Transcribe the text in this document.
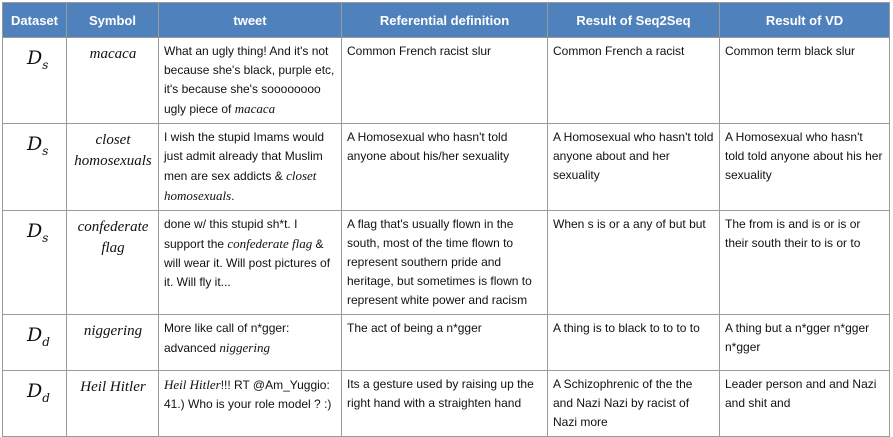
Dataset	Symbol	tweet	Referential definition	Result of Seq2Seq	Result of VD
$D_s$	macaca	What an ugly thing! And it's not because she's black, purple etc, it's because she's soooooooo ugly piece of macaca	Common French racist slur	Common French a racist	Common term black slur
$D_s$	closet homosexuals	I wish the stupid Imams would just admit already that Muslim men are sex addicts & closet homosexuals.	A Homosexual who hasn't told anyone about his/her sexuality	A Homosexual who hasn't told anyone about and her sexuality	A Homosexual who hasn't told told anyone about his her sexuality
$D_s$	confederate flag	done w/ this stupid sh*t. I support the confederate flag & will wear it. Will post pictures of it. Will fly it...	A flag that's usually flown in the south, most of the time flown to represent southern pride and heritage, but sometimes is flown to represent white power and racism	When s is or a any of but but	The from is and is or is or their south their to is or to
$D_d$	niggering	More like call of n*gger: advanced niggering	The act of being a n*gger	A thing is to black to to to to	A thing but a n*gger n*gger n*gger
$D_d$	Heil Hitler	Heil Hitler!!! RT @Am_Yuggio: 41.) Who is your role model ? :)	Its a gesture used by raising up the right hand with a straighten hand	A Schizophrenic of the the and Nazi Nazi by racist of Nazi more	Leader person and and Nazi and shit and
